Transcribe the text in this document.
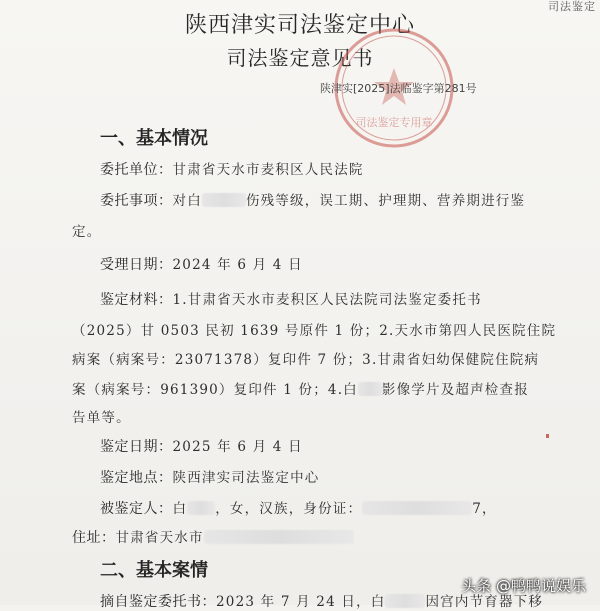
司法鉴定
陕西津实司法鉴定中心
司法鉴定意见书
司法鉴定专用章
陕津实[2025]法临鉴字第281号
一、基本情况
委托单位：甘肃省天水市麦积区人民法院
委托事项：对白	伤残等级，误工期、护理期、营养期进行鉴
定。
受理日期：2024 年 6 月 4 日
鉴定材料：1.甘肃省天水市麦积区人民法院司法鉴定委托书
（2025）甘 0503 民初 1639 号原件 1 份；2.天水市第四人民医院住院
病案（病案号：23071378）复印件 7 份；3.甘肃省妇幼保健院住院病
案（病案号：961390）复印件 1 份；4.白 影像学片及超声检查报
告单等。
鉴定日期：2025 年 6 月 4 日
鉴定地点：陕西津实司法鉴定中心
被鉴定人：白 ，女，汉族，身份证：	7，
住址：甘肃省天水市
二、基本案情
摘自鉴定委托书：2023 年 7 月 24 日，白	因宫内节育器下移
头条 @鸭鸭说娱乐
